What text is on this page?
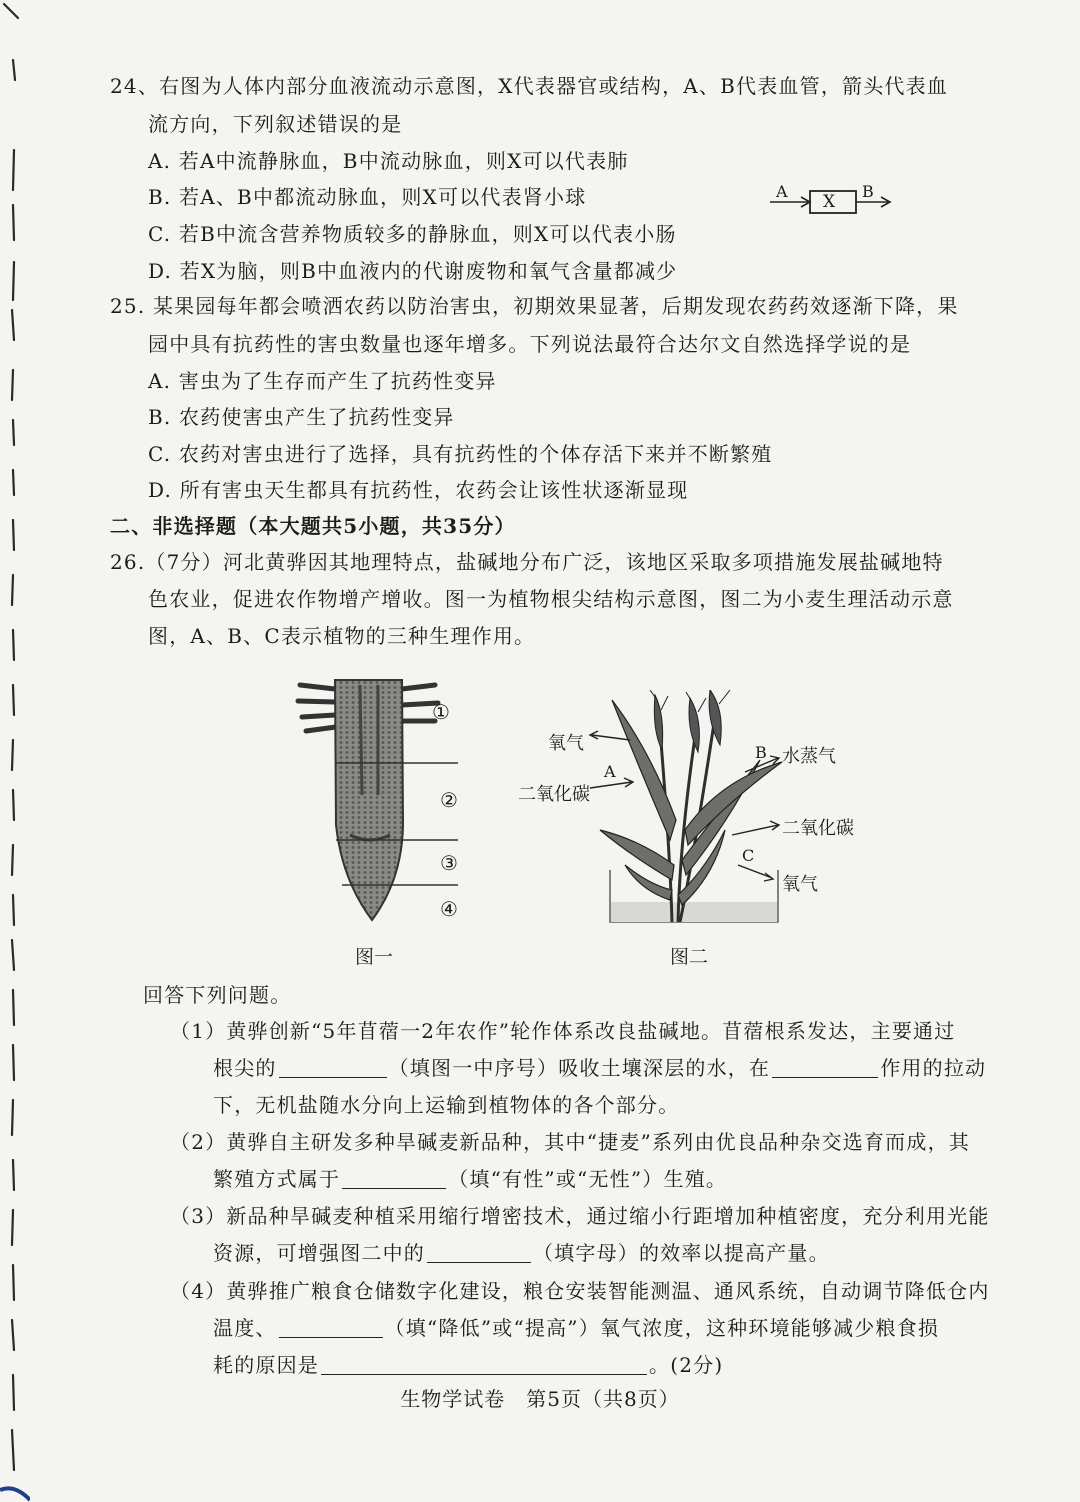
24、右图为人体内部分血液流动示意图，X代表器官或结构，A、B代表血管，箭头代表血
流方向，下列叙述错误的是
A. 若A中流静脉血，B中流动脉血，则X可以代表肺
B. 若A、B中都流动脉血，则X可以代表肾小球
C. 若B中流含营养物质较多的静脉血，则X可以代表小肠
D. 若X为脑，则B中血液内的代谢废物和氧气含量都减少
A
X
B
25. 某果园每年都会喷洒农药以防治害虫，初期效果显著，后期发现农药药效逐渐下降，果
园中具有抗药性的害虫数量也逐年增多。下列说法最符合达尔文自然选择学说的是
A. 害虫为了生存而产生了抗药性变异
B. 农药使害虫产生了抗药性变异
C. 农药对害虫进行了选择，具有抗药性的个体存活下来并不断繁殖
D. 所有害虫天生都具有抗药性，农药会让该性状逐渐显现
二、非选择题（本大题共5小题，共35分）
26.（7分）河北黄骅因其地理特点，盐碱地分布广泛，该地区采取多项措施发展盐碱地特
色农业，促进农作物增产增收。图一为植物根尖结构示意图，图二为小麦生理活动示意
图，A、B、C表示植物的三种生理作用。
①
②
③
④
图一
氧气
二氧化碳
A
B 水蒸气
二氧化碳
C
氧气
图二
回答下列问题。
（1）黄骅创新“5年苜蓿一2年农作”轮作体系改良盐碱地。苜蓿根系发达，主要通过
根尖的	（填图一中序号）吸收土壤深层的水，在	作用的拉动
下，无机盐随水分向上运输到植物体的各个部分。
（2）黄骅自主研发多种旱碱麦新品种，其中“捷麦”系列由优良品种杂交选育而成，其
繁殖方式属于	（填“有性”或“无性”）生殖。
（3）新品种旱碱麦种植采用缩行增密技术，通过缩小行距增加种植密度，充分利用光能
资源，可增强图二中的	（填字母）的效率以提高产量。
（4）黄骅推广粮食仓储数字化建设，粮仓安装智能测温、通风系统，自动调节降低仓内
温度、	（填“降低”或“提高”）氧气浓度，这种环境能够减少粮食损
耗的原因是	。(2分)
生物学试卷　第5页（共8页）
